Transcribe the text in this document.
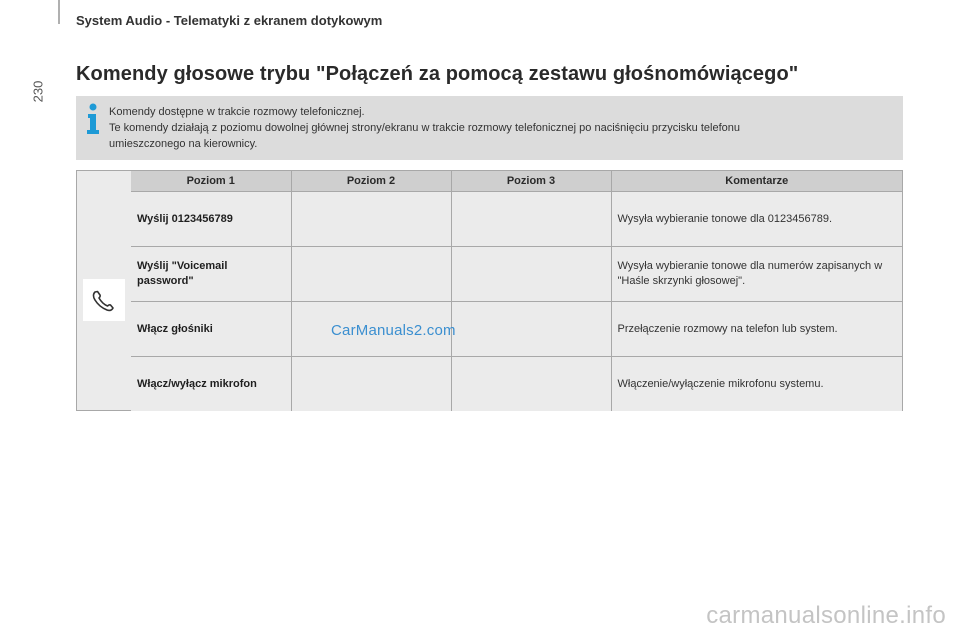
230
System Audio - Telematyki z ekranem dotykowym
Komendy głosowe trybu "Połączeń za pomocą zestawu głośnomówiącego"
Komendy dostępne w trakcie rozmowy telefonicznej.
Te komendy działają z poziomu dowolnej głównej strony/ekranu w trakcie rozmowy telefonicznej po naciśnięciu przycisku telefonu
umieszczonego na kierownicy.
Poziom 1	Poziom 2	Poziom 3	Komentarze
Wyślij 0123456789			Wysyła wybieranie tonowe dla 0123456789.
Wyślij "Voicemail password"			Wysyła wybieranie tonowe dla numerów zapisanych w "Haśle skrzynki głosowej".
Włącz głośniki			Przełączenie rozmowy na telefon lub system.
Włącz/wyłącz mikrofon			Włączenie/wyłączenie mikrofonu systemu.
CarManuals2.com
carmanualsonline.info
